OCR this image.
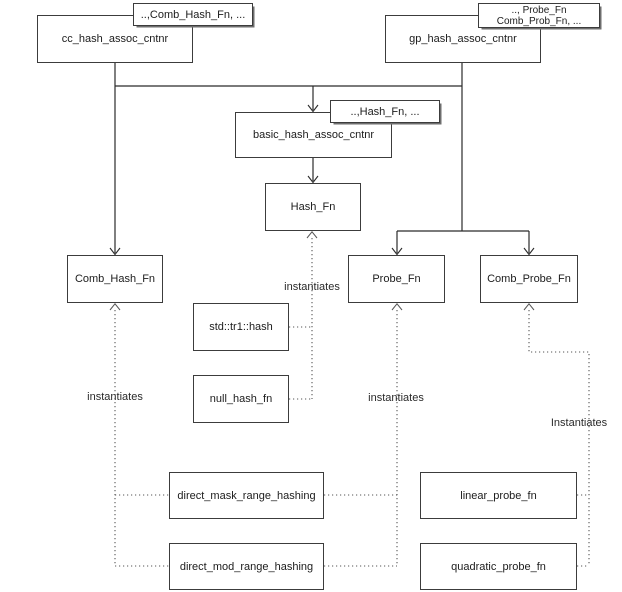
cc_hash_assoc_cntnr	gp_hash_assoc_cntnr
basic_hash_assoc_cntnr
Hash_Fn
Comb_Hash_Fn	Probe_Fn	Comb_Probe_Fn
std::tr1::hash
null_hash_fn
direct_mask_range_hashing
direct_mod_range_hashing
linear_probe_fn
quadratic_probe_fn
..,Comb_Hash_Fn, ...	.., Probe_Fn
Comb_Prob_Fn, ...
..,Hash_Fn, ...
instantiates
instantiates
instantiates
Instantiates
